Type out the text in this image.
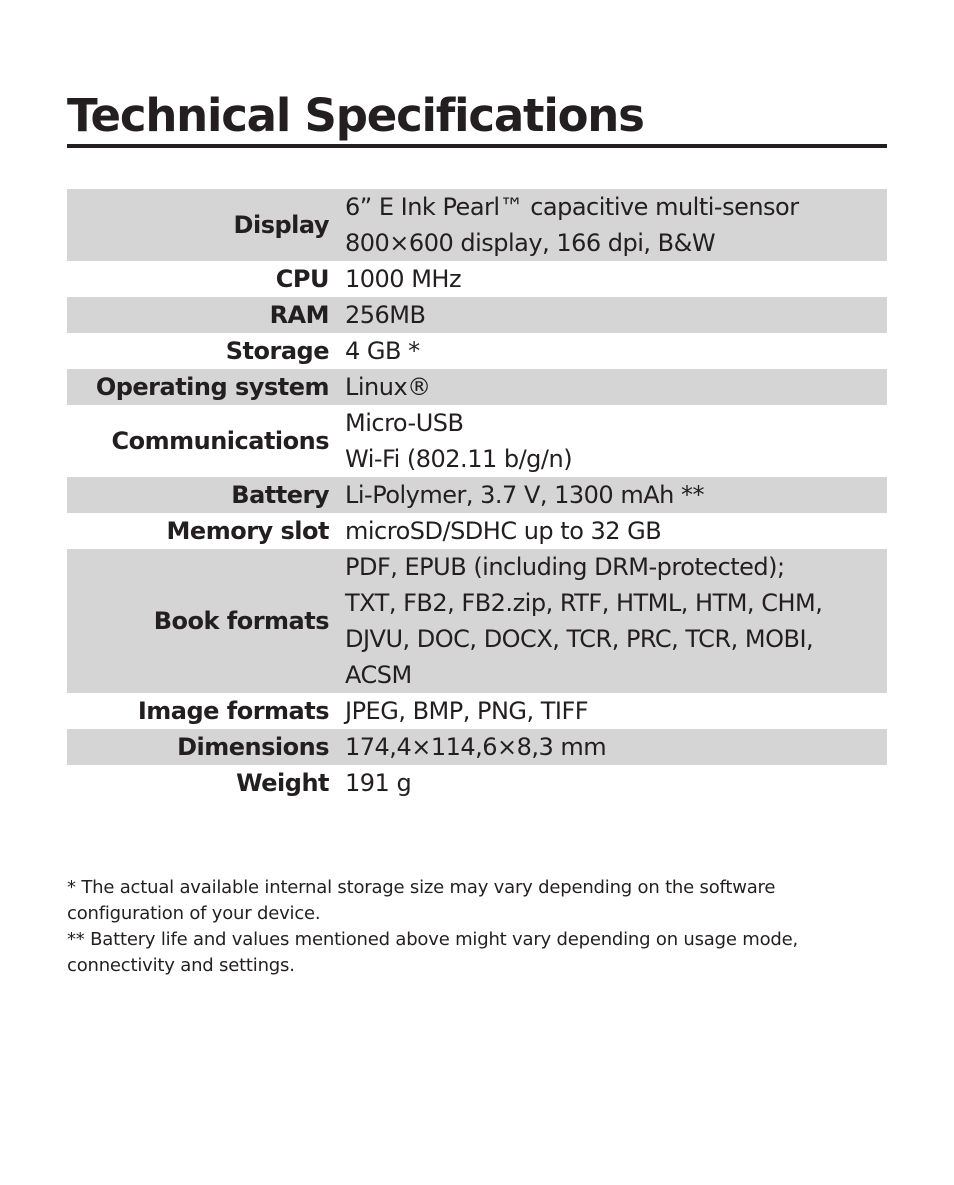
Technical Specifications
Display
6” E Ink Pearl™ capacitive multi-sensor
800×600 display, 166 dpi, B&W
CPU 1000 MHz
RAM 256MB
Storage 4 GB *
Operating system Linux®
Communications
Micro-USB
Wi-Fi (802.11 b/g/n)
Battery Li-Polymer, 3.7 V, 1300 mAh **
Memory slot microSD/SDHC up to 32 GB
Book formats
PDF, EPUB (including DRM-protected);
TXT, FB2, FB2.zip, RTF, HTML, HTM, CHM,
DJVU, DOC, DOCX, TCR, PRC, TCR, MOBI,
ACSM
Image formats JPEG, BMP, PNG, TIFF
Dimensions 174,4×114,6×8,3 mm
Weight 191 g

* The actual available internal storage size may vary depending on the software
configuration of your device.

** Battery life and values mentioned above might vary depending on usage mode,
connectivity and settings.
